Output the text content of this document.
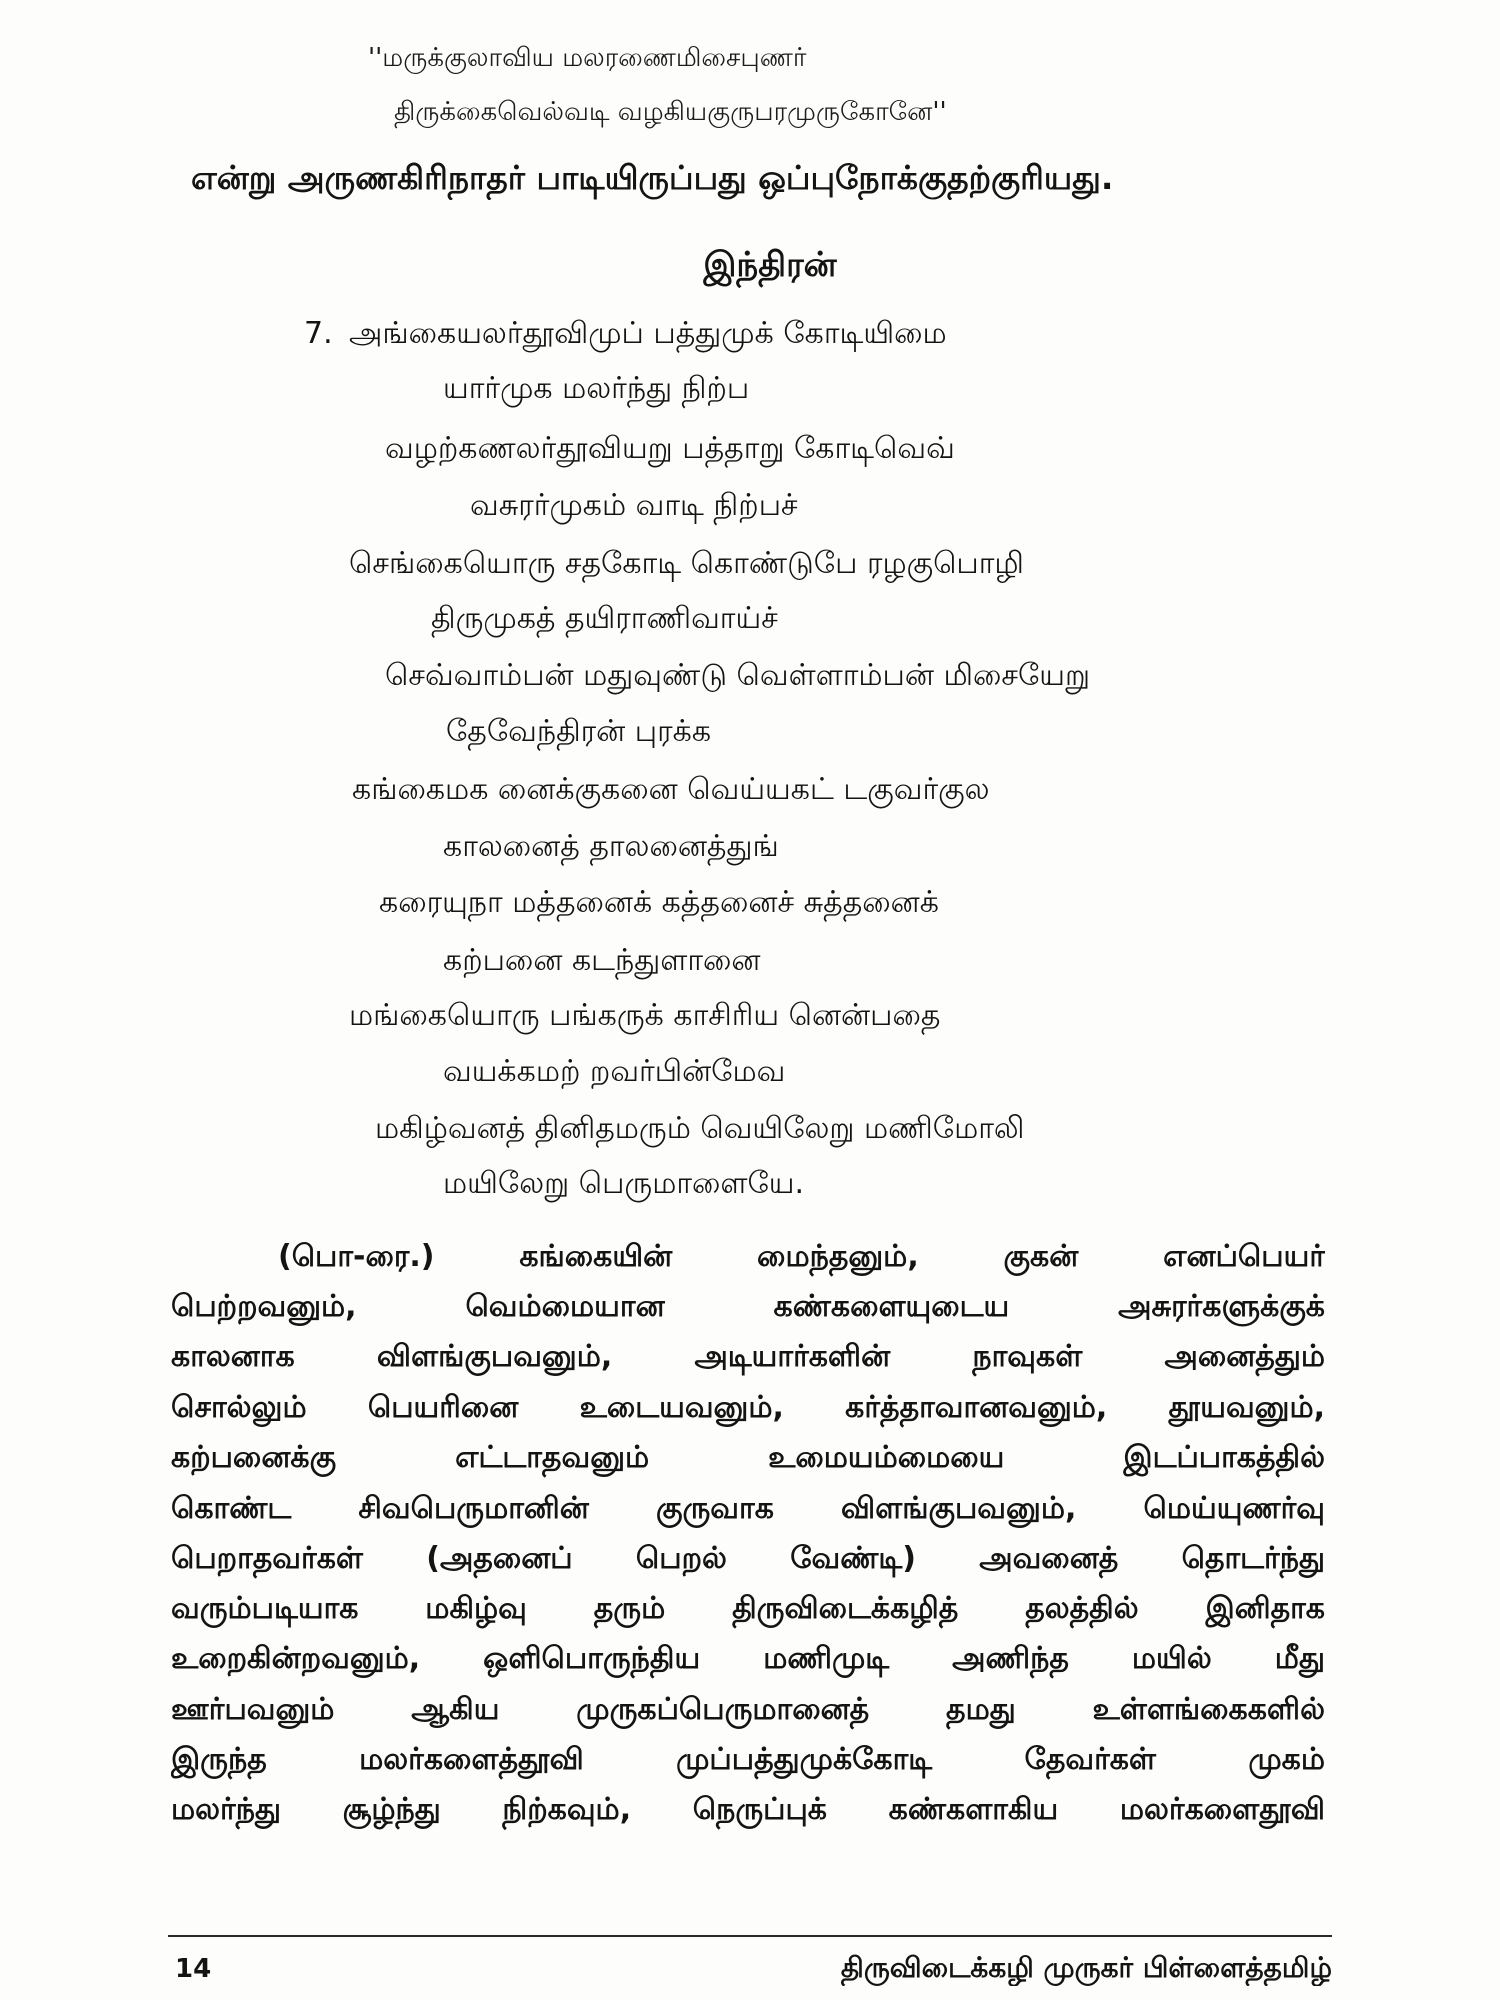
''மருக்குலாவிய மலரணைமிசைபுணர்
திருக்கைவெல்வடி வழகியகுருபரமுருகோனே''
என்று அருணகிரிநாதர் பாடியிருப்பது ஒப்புநோக்குதற்குரியது.
இந்திரன்
7. அங்கையலர்தூவிமுப் பத்துமுக் கோடியிமை
யார்முக மலர்ந்து நிற்ப
வழற்கணலர்தூவியறு பத்தாறு கோடிவெவ்
வசுரர்முகம் வாடி நிற்பச்
செங்கையொரு சதகோடி கொண்டுபே ரழகுபொழி
திருமுகத் தயிராணிவாய்ச்
செவ்வாம்பன் மதுவுண்டு வெள்ளாம்பன் மிசையேறு
தேவேந்திரன் புரக்க
கங்கைமக னைக்குகனை வெய்யகட் டகுவர்குல
காலனைத் தாலனைத்துங்
கரையுநா மத்தனைக் கத்தனைச் சுத்தனைக்
கற்பனை கடந்துளானை
மங்கையொரு பங்கருக் காசிரிய னென்பதை
வயக்கமற் றவர்பின்மேவ
மகிழ்வனத் தினிதமரும் வெயிலேறு மணிமோலி
மயிலேறு பெருமாளையே.
(பொ-ரை.)	கங்கையின் மைந்தனும், குகன் எனப்பெயர்
பெற்றவனும், வெம்மையான கண்களையுடைய அசுரர்களுக்குக்
காலனாக விளங்குபவனும், அடியார்களின் நாவுகள் அனைத்தும்
சொல்லும் பெயரினை உடையவனும், கர்த்தாவானவனும், தூயவனும்,
கற்பனைக்கு எட்டாதவனும் உமையம்மையை இடப்பாகத்தில்
கொண்ட சிவபெருமானின் குருவாக விளங்குபவனும், மெய்யுணர்வு
பெறாதவர்கள் (அதனைப் பெறல் வேண்டி) அவனைத் தொடர்ந்து
வரும்படியாக மகிழ்வு தரும் திருவிடைக்கழித் தலத்தில் இனிதாக
உறைகின்றவனும், ஒளிபொருந்திய மணிமுடி அணிந்த மயில் மீது
ஊர்பவனும் ஆகிய முருகப்பெருமானைத் தமது உள்ளங்கைகளில்
இருந்த மலர்களைத்தூவி முப்பத்துமுக்கோடி தேவர்கள் முகம்
மலர்ந்து சூழ்ந்து நிற்கவும், நெருப்புக் கண்களாகிய மலர்களைதூவி
14	திருவிடைக்கழி முருகர் பிள்ளைத்தமிழ்
